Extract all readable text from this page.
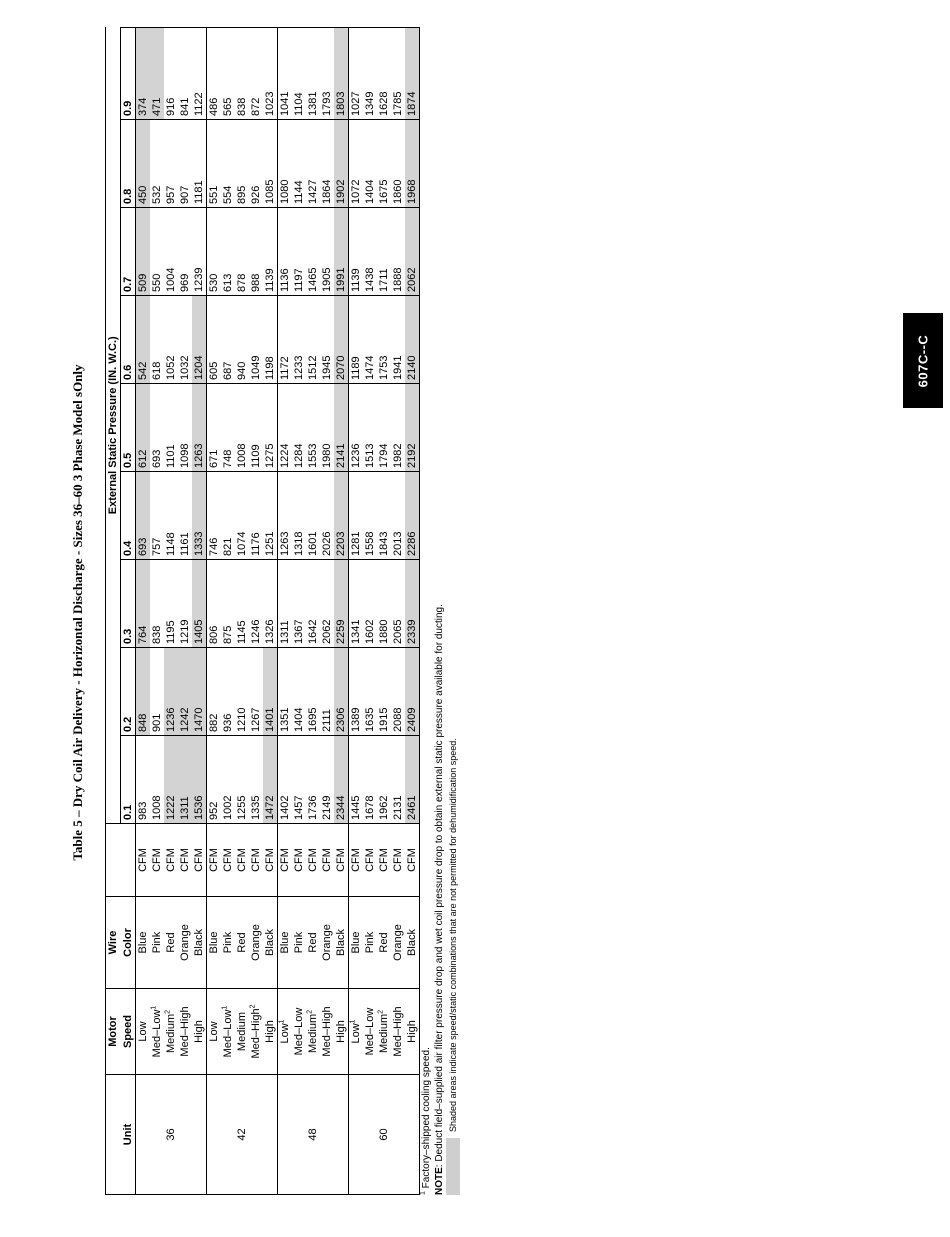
607C--C
Table 5 – Dry Coil Air Delivery - Horizontal Discharge - Sizes 36–60 3 Phase Model sOnly
	Motor	Wire		External Static Pressure (IN. W.C.)								
Unit	Speed	Color		0.1	0.2	0.3	0.4	0.5	0.6	0.7	0.8	0.9
36	Low	Blue	CFM	983	848	764	693	612	542	509	450	374
	Med–Low$^1$	Pink	CFM	1008	901	838	757	693	618	550	532	471
	Medium$^2$	Red	CFM	1222	1236	1195	1148	1101	1052	1004	957	916
	Med–High	Orange	CFM	1311	1242	1219	1161	1098	1032	969	907	841
	High	Black	CFM	1536	1470	1405	1333	1263	1204	1239	1181	1122
42	Low	Blue	CFM	952	882	806	746	671	605	530	551	486
	Med–Low$^1$	Pink	CFM	1002	936	875	821	748	687	613	554	565
	Medium	Red	CFM	1255	1210	1145	1074	1008	940	878	895	838
	Med–High$^2$	Orange	CFM	1335	1267	1246	1176	1109	1049	988	926	872
	High	Black	CFM	1472	1401	1326	1251	1275	1198	1139	1085	1023
48	Low$^1$	Blue	CFM	1402	1351	1311	1263	1224	1172	1136	1080	1041
	Med–Low	Pink	CFM	1457	1404	1367	1318	1284	1233	1197	1144	1104
	Medium$^2$	Red	CFM	1736	1695	1642	1601	1553	1512	1465	1427	1381
	Med–High	Orange	CFM	2149	2111	2062	2026	1980	1945	1905	1864	1793
	High	Black	CFM	2344	2306	2259	2203	2141	2070	1991	1902	1803
60	Low$^1$	Blue	CFM	1445	1389	1341	1281	1236	1189	1139	1072	1027
	Med–Low	Pink	CFM	1678	1635	1602	1558	1513	1474	1438	1404	1349
	Medium$^2$	Red	CFM	1962	1915	1880	1843	1794	1753	1711	1675	1628
	Med–High	Orange	CFM	2131	2088	2065	2013	1982	1941	1888	1860	1785
	High	Black	CFM	2461	2409	2339	2286	2192	2140	2062	1968	1874
$^1$ Factory–shipped cooling speed. NOTE: Deduct field–supplied air filter pressure drop and wet coil pressure drop to obtain external static pressure available for ducting. Shaded areas indicate speed/static combinations that are not permitted for dehumidification speed.
